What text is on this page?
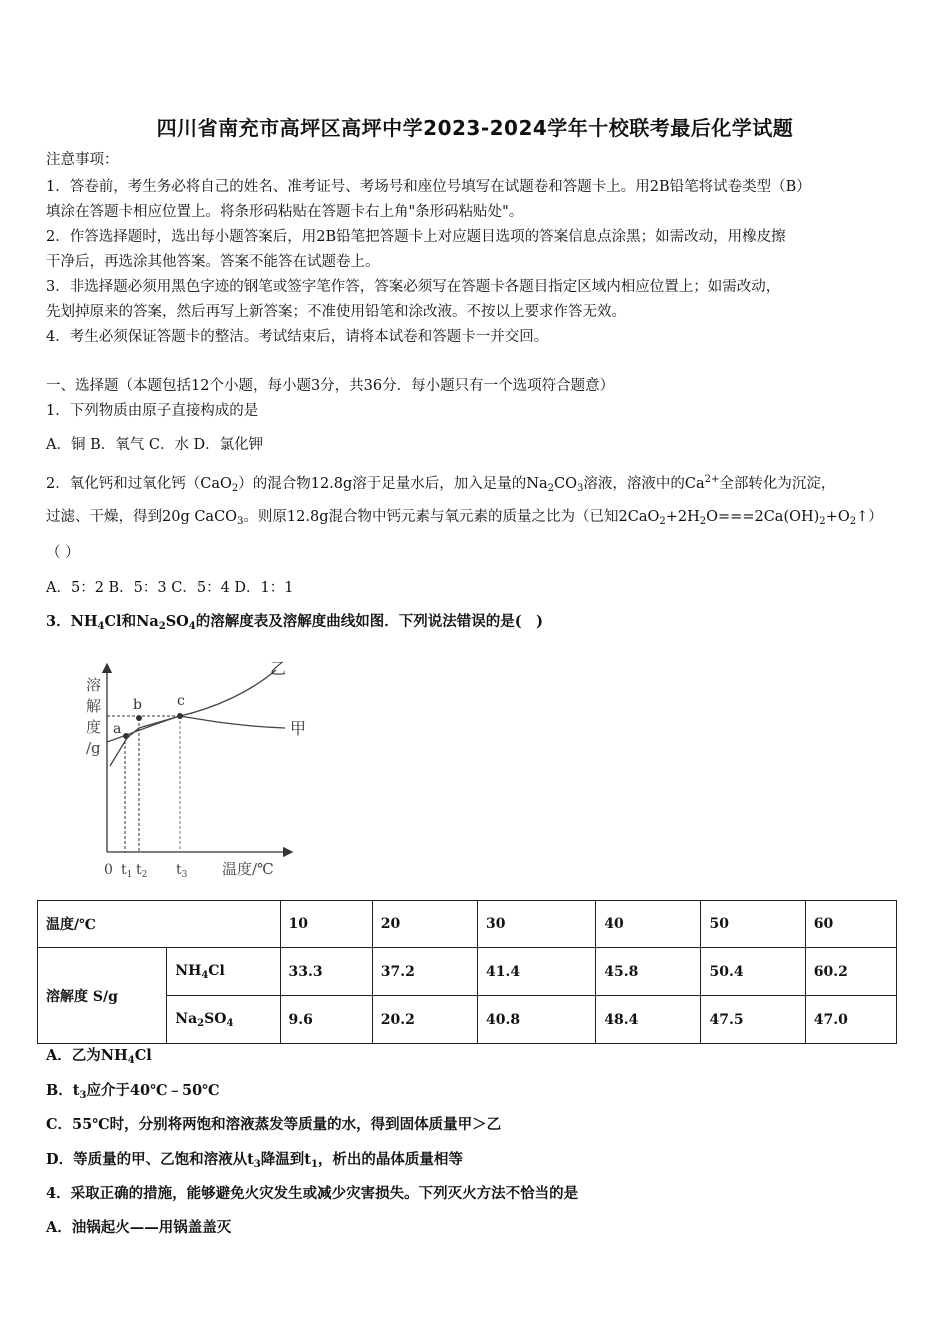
四川省南充市高坪区高坪中学2023-2024学年十校联考最后化学试题
注意事项：
1．答卷前，考生务必将自己的姓名、准考证号、考场号和座位号填写在试题卷和答题卡上。用2B铅笔将试卷类型（B）
填涂在答题卡相应位置上。将条形码粘贴在答题卡右上角"条形码粘贴处"。
2．作答选择题时，选出每小题答案后，用2B铅笔把答题卡上对应题目选项的答案信息点涂黑；如需改动，用橡皮擦
干净后，再选涂其他答案。答案不能答在试题卷上。
3．非选择题必须用黑色字迹的钢笔或签字笔作答，答案必须写在答题卡各题目指定区域内相应位置上；如需改动，
先划掉原来的答案，然后再写上新答案；不准使用铅笔和涂改液。不按以上要求作答无效。
4．考生必须保证答题卡的整洁。考试结束后，请将本试卷和答题卡一并交回。
一、选择题（本题包括12个小题，每小题3分，共36分．每小题只有一个选项符合题意）
1．下列物质由原子直接构成的是
A．铜 B．氧气 C．水 D．氯化钾
2．氧化钙和过氧化钙（CaO$_2$）的混合物12.8g溶于足量水后，加入足量的$Na_2CO_3$溶液，溶液中的$Ca^{2+}$全部转化为沉淀，
过滤、干燥，得到20g CaCO$_3$。则原12.8g混合物中钙元素与氧元素的质量之比为（已知$2CaO_2+2H_2O===2Ca(OH)_2+O_2↑$）
（ ）
A．5：2 B．5：3 C．5：4 D．1：1
3．$NH_4Cl$和$Na_2SO_4$的溶解度表及溶解度曲线如图．下列说法错误的是(　)
溶
解
度
/g
a
b	c
乙
甲
0 $t_1$ $t_2$ $t_3$ 温度/℃
温度/℃		10	20	30	40	50	60
溶解度 S/g	$NH_4Cl$	33.3	37.2	41.4	45.8	50.4	60.2
	$Na_2SO_4$	9.6	20.2	40.8	48.4	47.5	47.0
A．乙为$NH_4Cl$
B．$t_3$应介于40℃﹣50℃
C．55℃时，分别将两饱和溶液蒸发等质量的水，得到固体质量甲＞乙
D．等质量的甲、乙饱和溶液从$t_3$降温到$t_1$，析出的晶体质量相等
4．采取正确的措施，能够避免火灾发生或减少灾害损失。下列灭火方法不恰当的是
A．油锅起火——用锅盖盖灭
